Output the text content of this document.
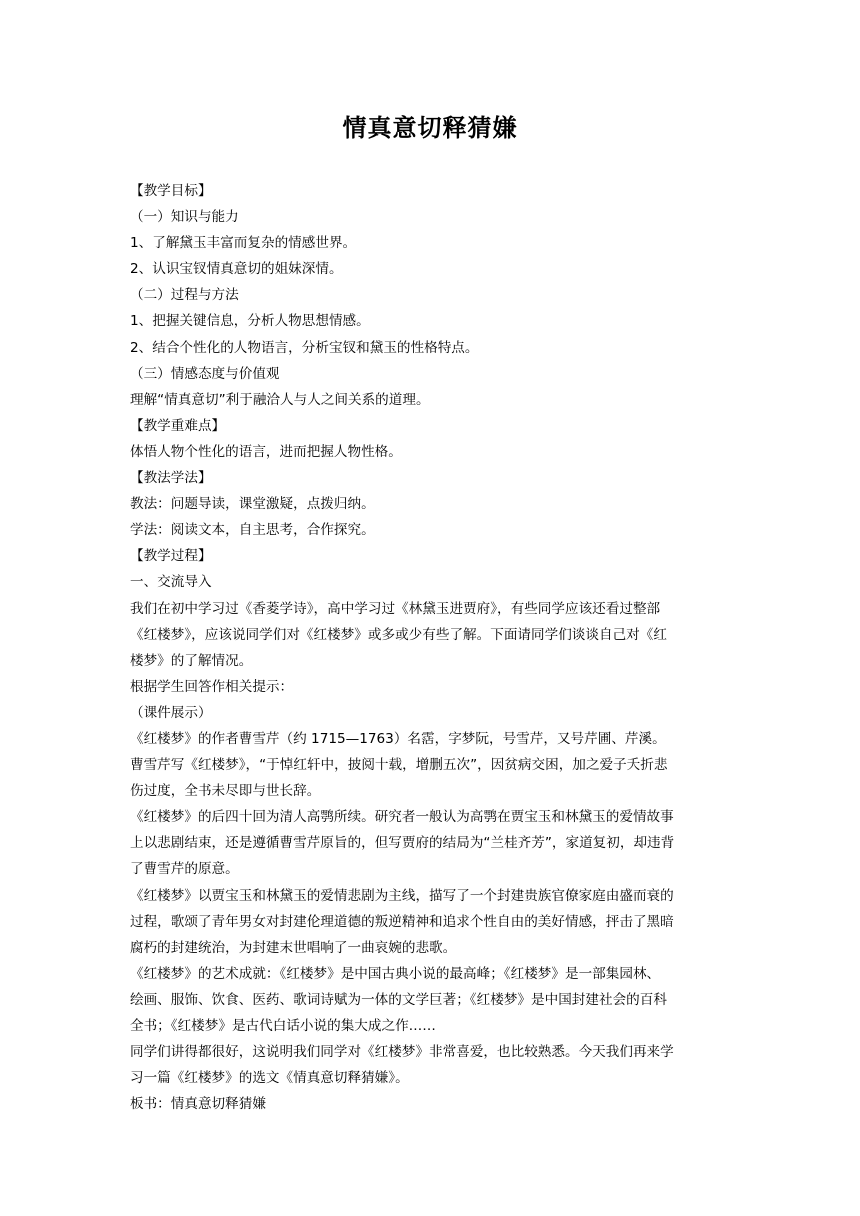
情真意切释猜嫌

【教学目标】

（一）知识与能力

1、了解黛玉丰富而复杂的情感世界。

2、认识宝钗情真意切的姐妹深情。

（二）过程与方法

1、把握关键信息，分析人物思想情感。

2、结合个性化的人物语言，分析宝钗和黛玉的性格特点。

（三）情感态度与价值观

理解“情真意切”利于融洽人与人之间关系的道理。

【教学重难点】

体悟人物个性化的语言，进而把握人物性格。

【教法学法】

教法：问题导读，课堂激疑，点拨归纳。

学法：阅读文本，自主思考，合作探究。

【教学过程】

一、交流导入

我们在初中学习过《香菱学诗》，高中学习过《林黛玉进贾府》，有些同学应该还看过整部

《红楼梦》，应该说同学们对《红楼梦》或多或少有些了解。下面请同学们谈谈自己对《红

楼梦》的了解情况。

根据学生回答作相关提示：

（课件展示）

《红楼梦》的作者曹雪芹（约 1715—1763）名霑，字梦阮，号雪芹，又号芹圃、芹溪。

曹雪芹写《红楼梦》，“于悼红轩中，披阅十载，增删五次”，因贫病交困，加之爱子夭折悲

伤过度，全书未尽即与世长辞。

《红楼梦》的后四十回为清人高鹗所续。研究者一般认为高鹗在贾宝玉和林黛玉的爱情故事

上以悲剧结束，还是遵循曹雪芹原旨的，但写贾府的结局为“兰桂齐芳”，家道复初，却违背

了曹雪芹的原意。

《红楼梦》以贾宝玉和林黛玉的爱情悲剧为主线，描写了一个封建贵族官僚家庭由盛而衰的

过程，歌颂了青年男女对封建伦理道德的叛逆精神和追求个性自由的美好情感，抨击了黑暗

腐朽的封建统治，为封建末世唱响了一曲哀婉的悲歌。

《红楼梦》的艺术成就：《红楼梦》是中国古典小说的最高峰；《红楼梦》是一部集园林、

绘画、服饰、饮食、医药、歌词诗赋为一体的文学巨著；《红楼梦》是中国封建社会的百科

全书；《红楼梦》是古代白话小说的集大成之作……

同学们讲得都很好，这说明我们同学对《红楼梦》非常喜爱，也比较熟悉。今天我们再来学

习一篇《红楼梦》的选文《情真意切释猜嫌》。

板书：情真意切释猜嫌
